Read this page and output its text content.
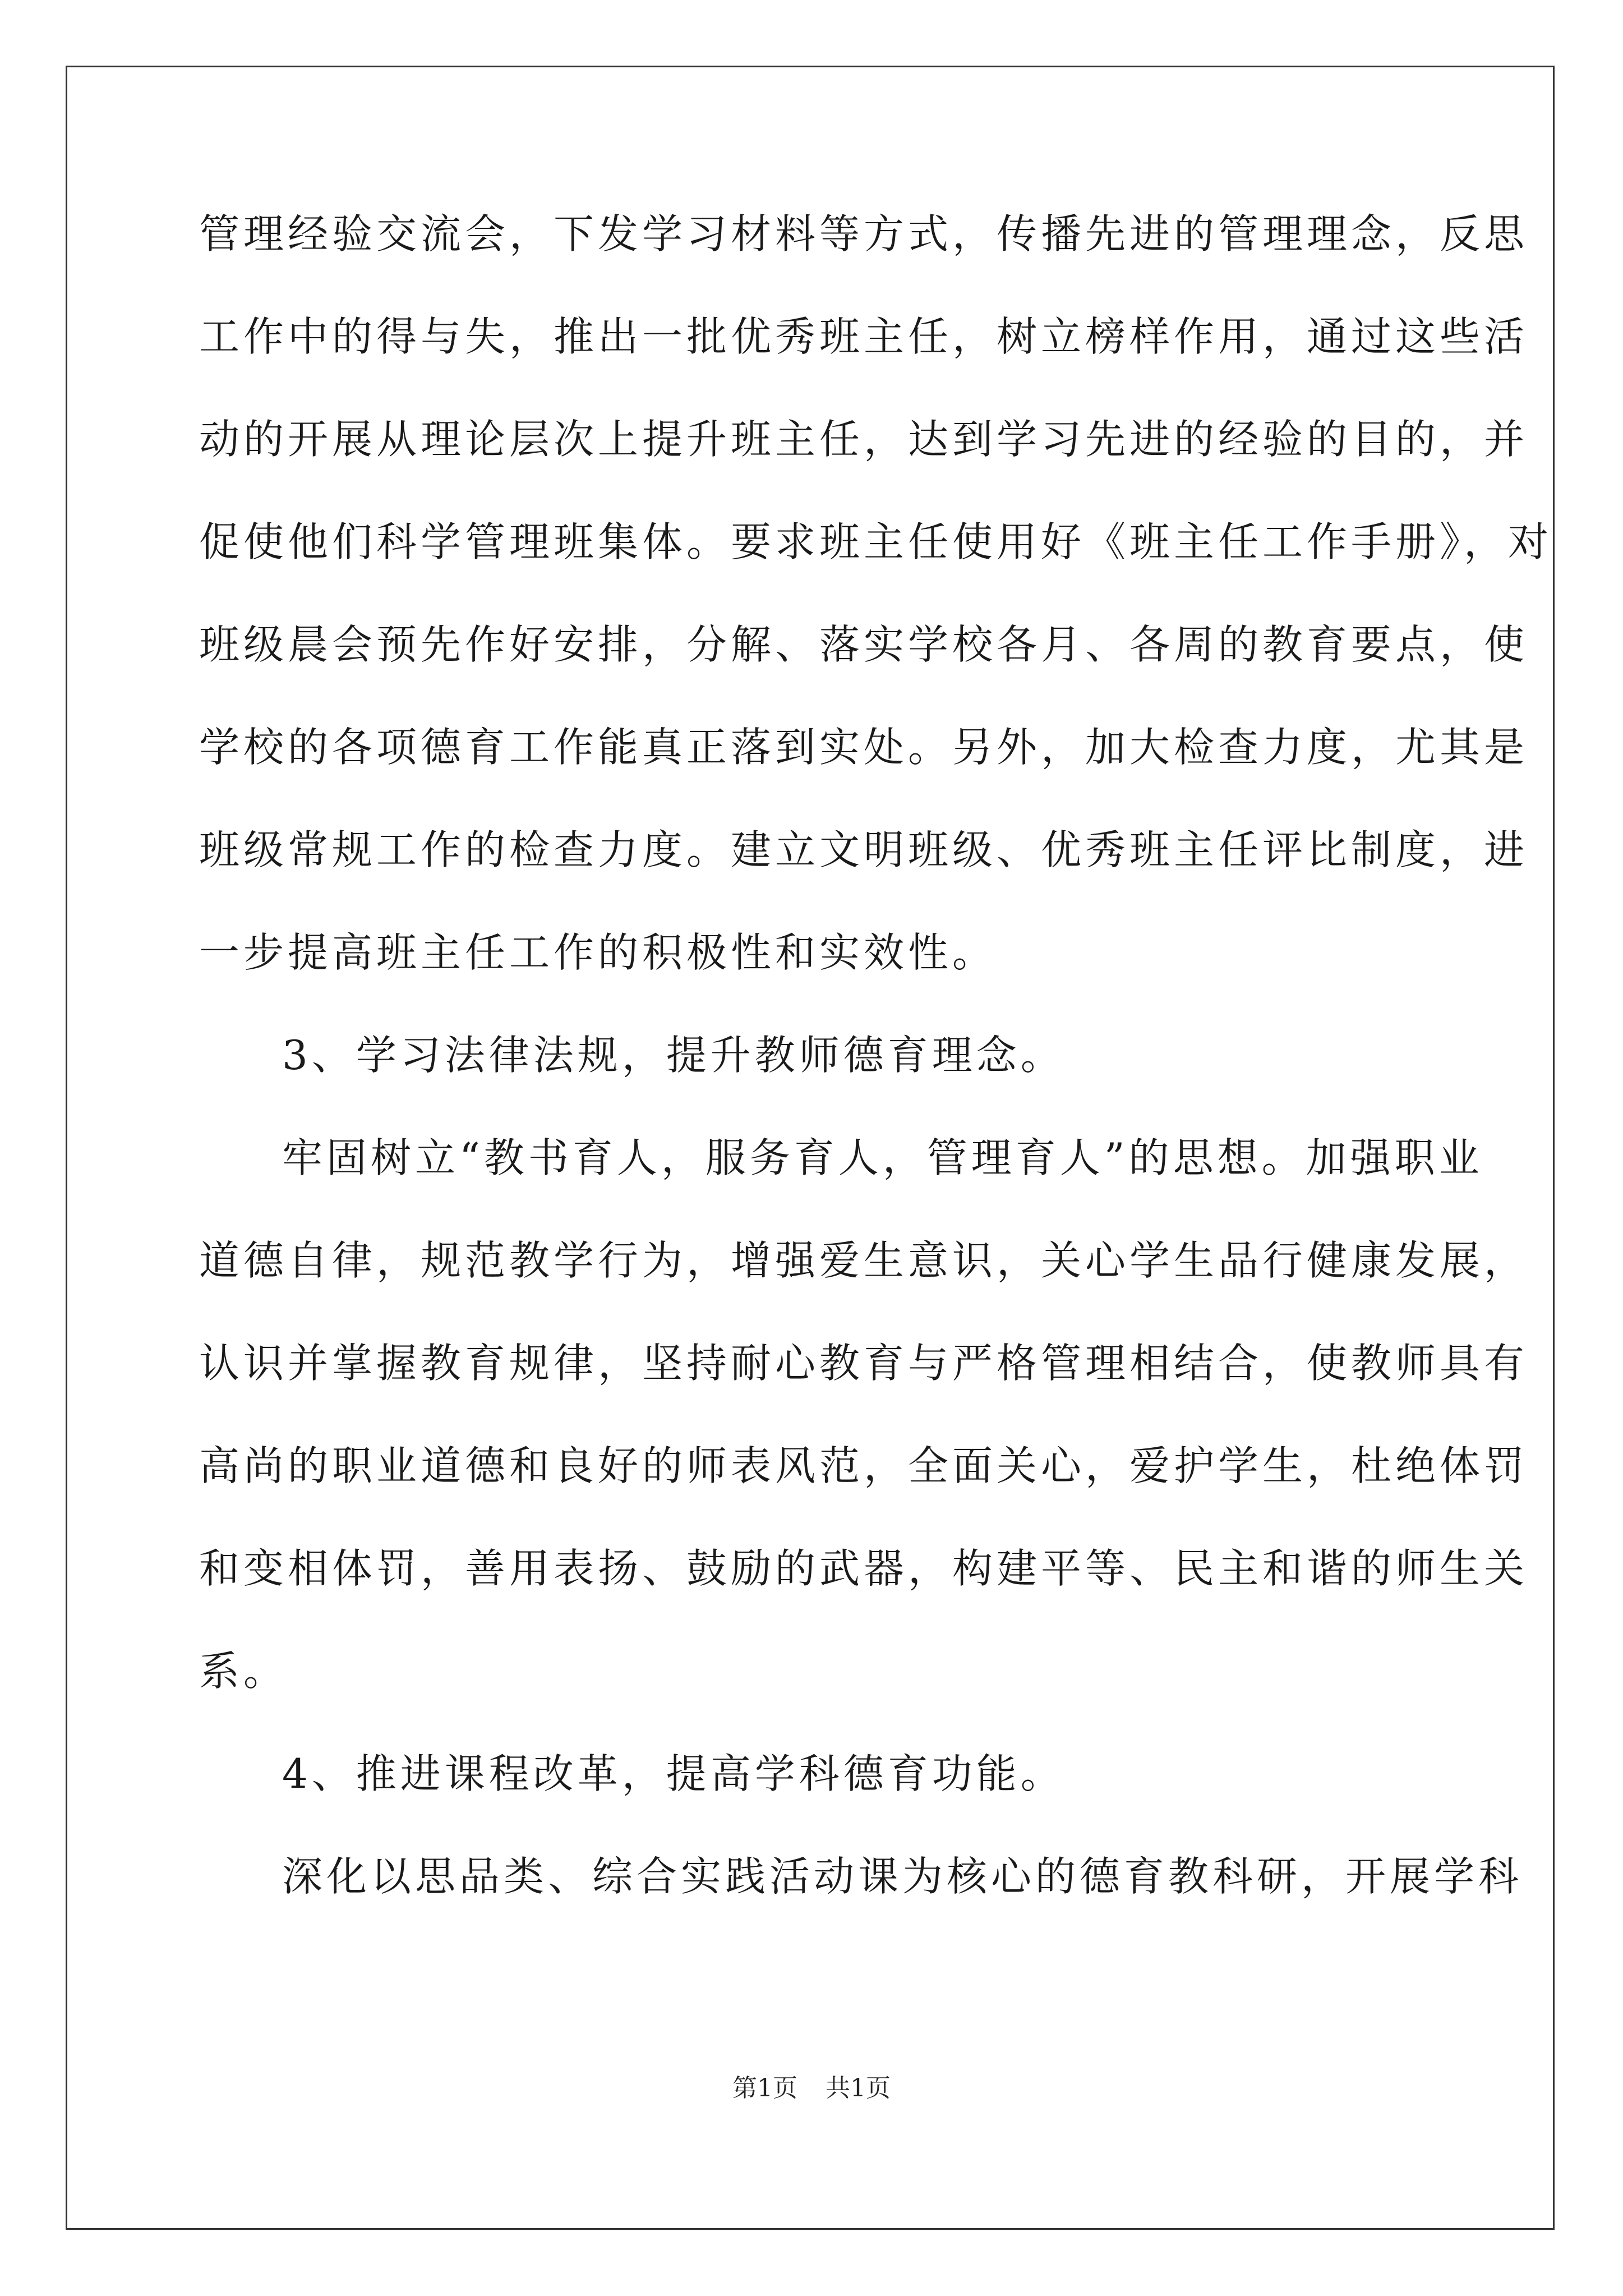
管理经验交流会，下发学习材料等方式，传播先进的管理理念，反思

工作中的得与失，推出一批优秀班主任，树立榜样作用，通过这些活

动的开展从理论层次上提升班主任，达到学习先进的经验的目的，并

促使他们科学管理班集体。要求班主任使用好《班主任工作手册》，对

班级晨会预先作好安排，分解、落实学校各月、各周的教育要点，使

学校的各项德育工作能真正落到实处。另外，加大检查力度，尤其是

班级常规工作的检查力度。建立文明班级、优秀班主任评比制度，进

一步提高班主任工作的积极性和实效性。

3、学习法律法规，提升教师德育理念。

牢固树立“教书育人，服务育人，管理育人”的思想。加强职业

道德自律，规范教学行为，增强爱生意识，关心学生品行健康发展，

认识并掌握教育规律，坚持耐心教育与严格管理相结合，使教师具有

高尚的职业道德和良好的师表风范，全面关心，爱护学生，杜绝体罚

和变相体罚，善用表扬、鼓励的武器，构建平等、民主和谐的师生关

系。

4、推进课程改革，提高学科德育功能。

深化以思品类、综合实践活动课为核心的德育教科研，开展学科

第1页 共1页
